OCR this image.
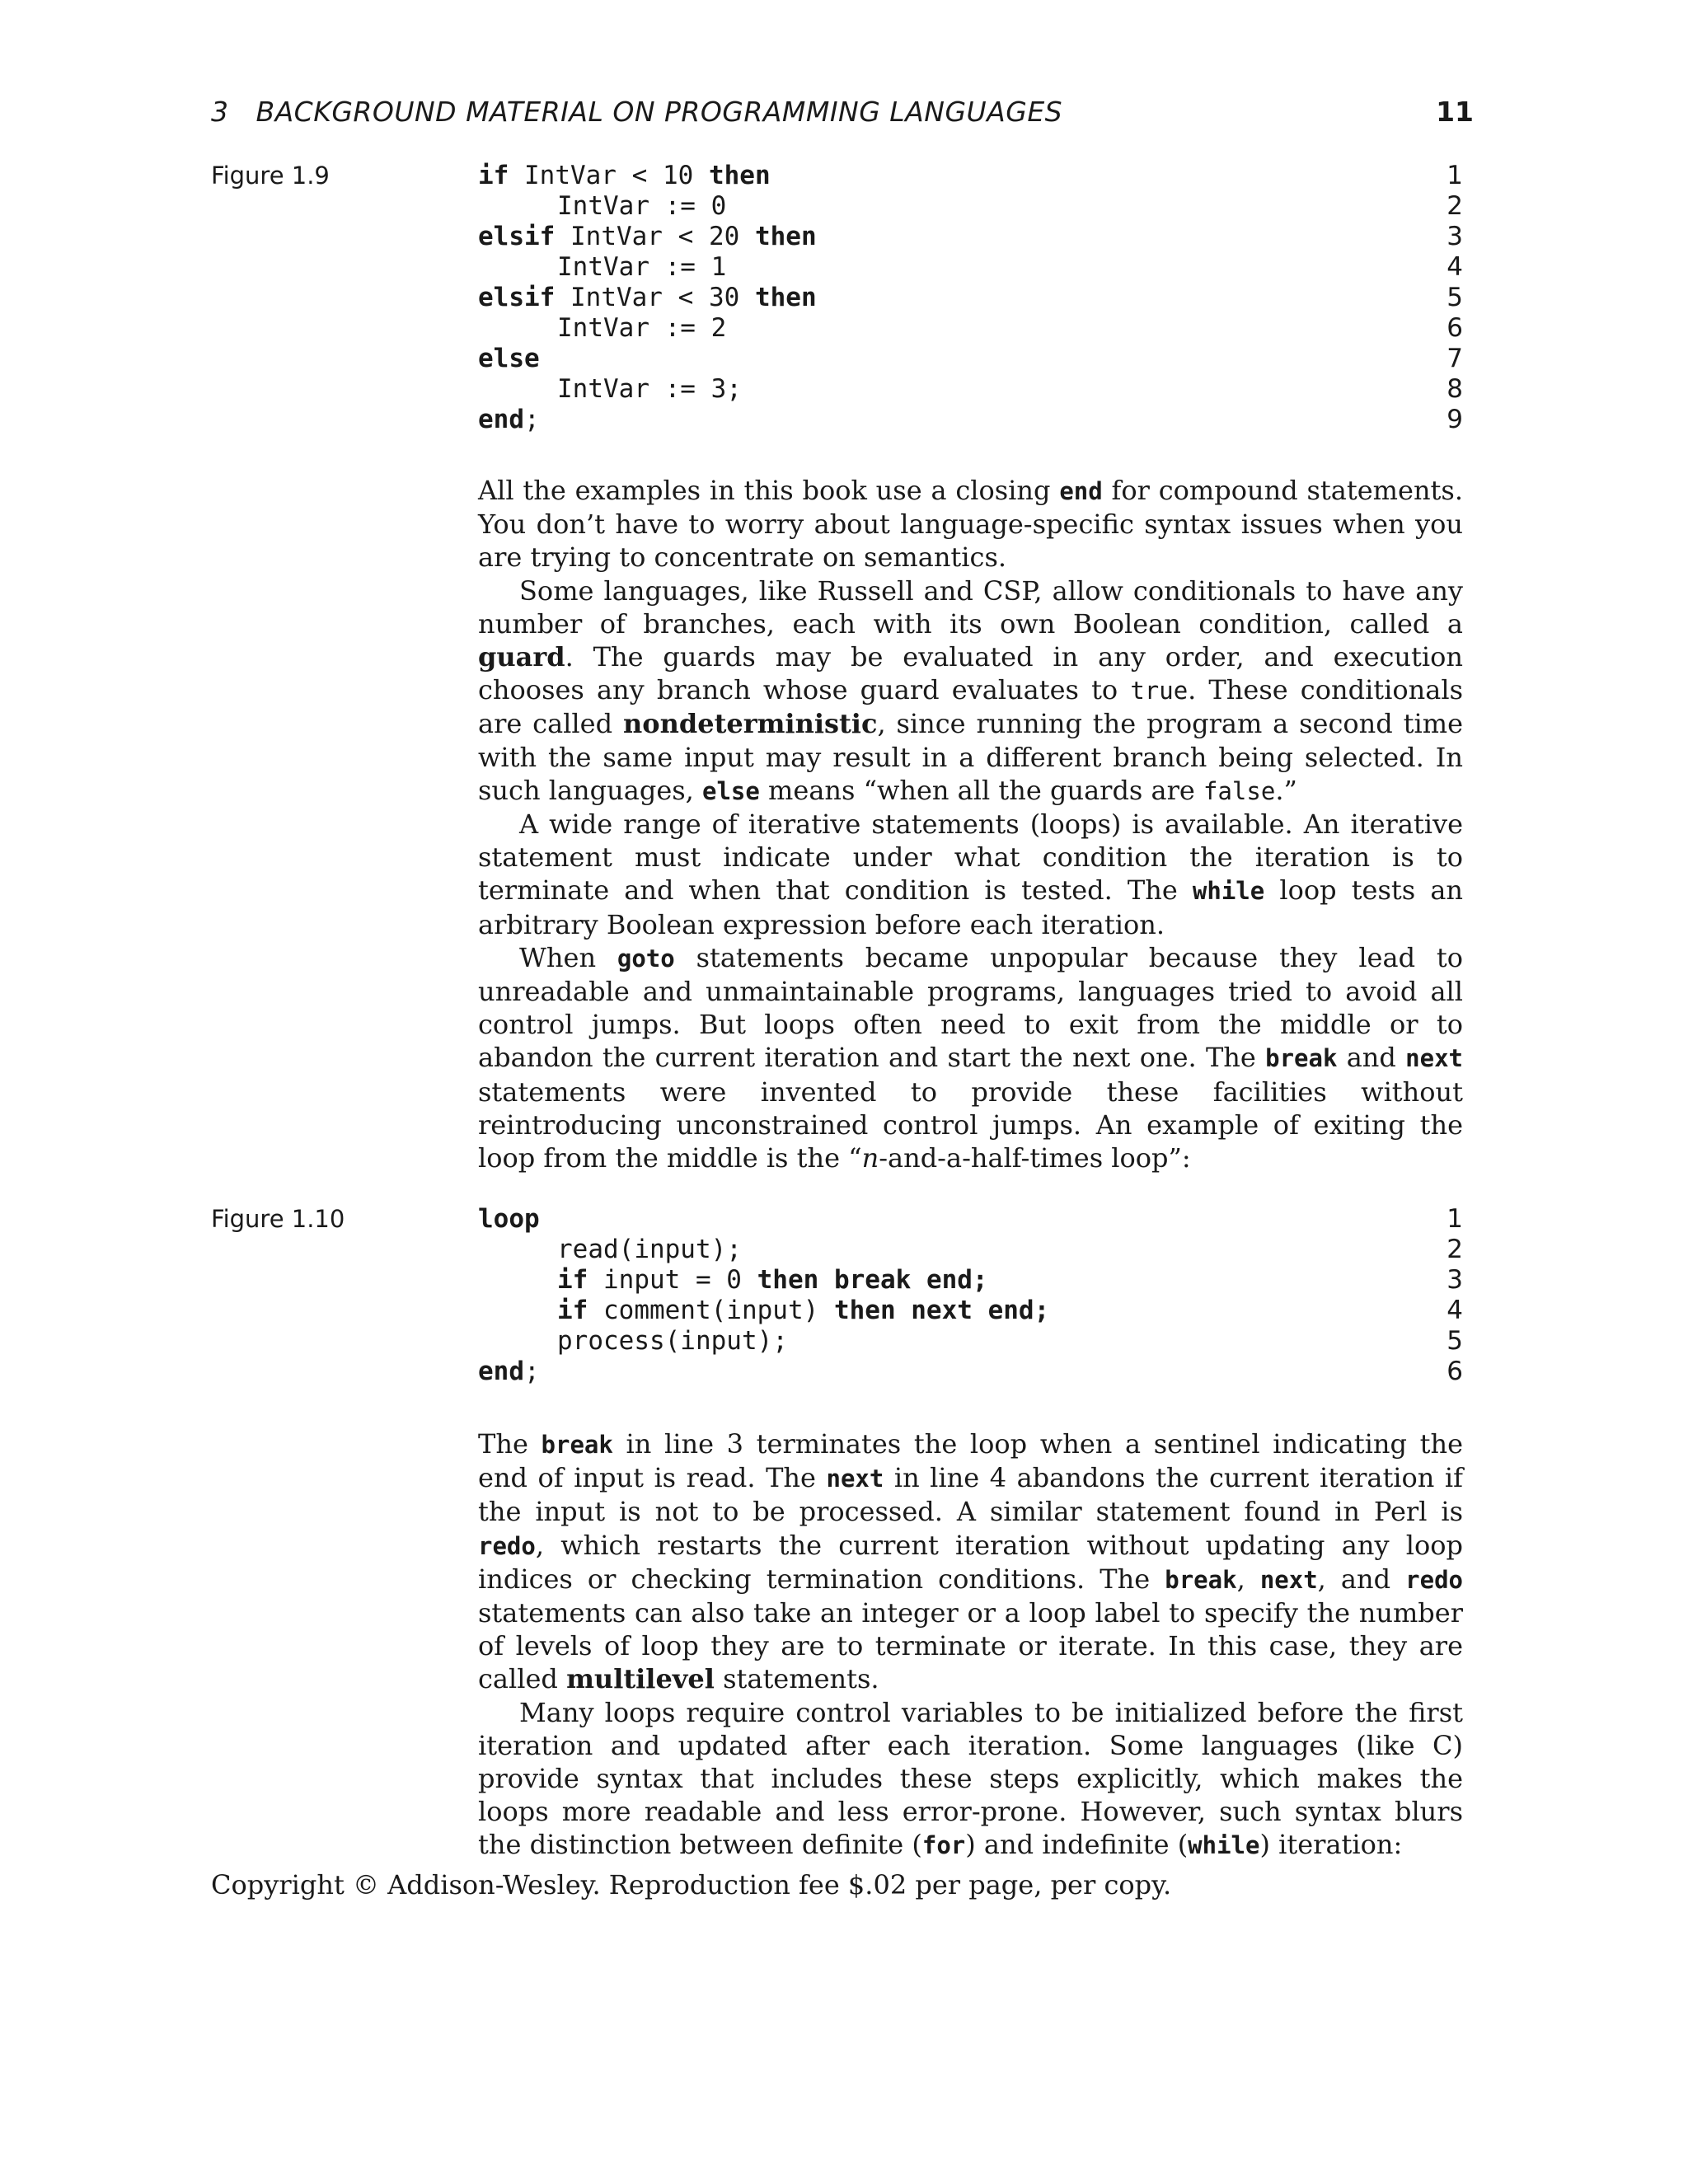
3   BACKGROUND MATERIAL ON PROGRAMMING LANGUAGES	11
Figure 1.9	if IntVar < 10 then	1
IntVar := 0	2
elsif IntVar < 20 then	3
IntVar := 1	4
elsif IntVar < 30 then	5
IntVar := 2	6
else	7
IntVar := 3;	8
end;	9

All the examples in this book use a closing end for compound statements. You don’t have to worry about language-specific syntax issues when you are trying to concentrate on semantics.

Some languages, like Russell and CSP, allow conditionals to have any number of branches, each with its own Boolean condition, called a guard. The guards may be evaluated in any order, and execution chooses any branch whose guard evaluates to true. These conditionals are called nondeterministic, since running the program a second time with the same input may result in a different branch being selected. In such languages, else means “when all the guards are false.”

A wide range of iterative statements (loops) is available. An iterative statement must indicate under what condition the iteration is to terminate and when that condition is tested. The while loop tests an arbitrary Boolean expression before each iteration.

When goto statements became unpopular because they lead to unreadable and unmaintainable programs, languages tried to avoid all control jumps. But loops often need to exit from the middle or to abandon the current iteration and start the next one. The break and next statements were invented to provide these facilities without reintroducing unconstrained control jumps. An example of exiting the loop from the middle is the “n-and-a-half-times loop”:

Figure 1.10	loop	1
read(input);	2
if input = 0 then break end;	3
if comment(input) then next end;	4
process(input);	5
end;	6

The break in line 3 terminates the loop when a sentinel indicating the end of input is read. The next in line 4 abandons the current iteration if the input is not to be processed. A similar statement found in Perl is redo, which restarts the current iteration without updating any loop indices or checking termination conditions. The break, next, and redo statements can also take an integer or a loop label to specify the number of levels of loop they are to terminate or iterate. In this case, they are called multilevel statements.

Many loops require control variables to be initialized before the first iteration and updated after each iteration. Some languages (like C) provide syntax that includes these steps explicitly, which makes the loops more readable and less error-prone. However, such syntax blurs the distinction between definite (for) and indefinite (while) iteration:

Copyright © Addison-Wesley. Reproduction fee $.02 per page, per copy.
